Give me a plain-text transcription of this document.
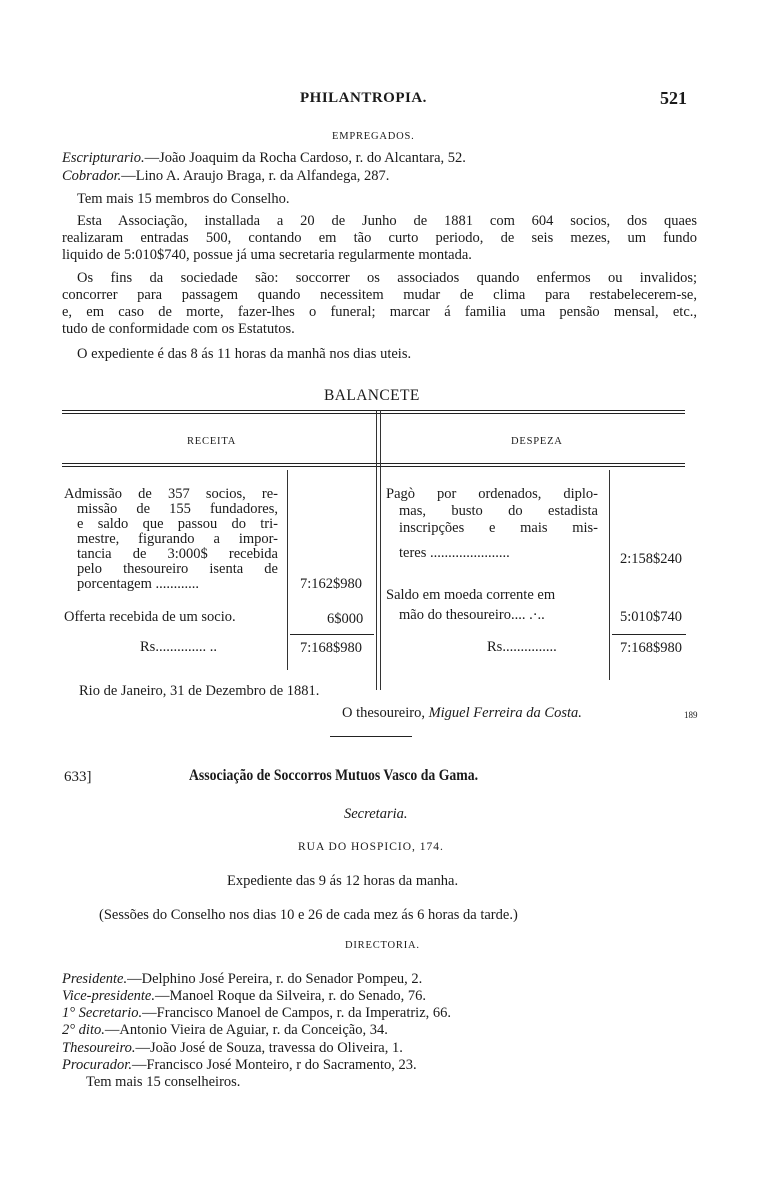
PHILANTROPIA.	521
EMPREGADOS.
Escripturario.—João Joaquim da Rocha Cardoso, r. do Alcantara, 52.
Cobrador.—Lino A. Araujo Braga, r. da Alfandega, 287.
Tem mais 15 membros do Conselho.
Esta Associação, installada a 20 de Junho de 1881 com 604 socios, dos quaes
realizaram entradas 500, contando em tão curto periodo, de seis mezes, um fundo
liquido de 5:010$740, possue já uma secretaria regularmente montada.
Os fins da sociedade são: soccorrer os associados quando enfermos ou invalidos;
concorrer para passagem quando necessitem mudar de clima para restabelecerem-se,
e, em caso de morte, fazer-lhes o funeral; marcar á familia uma pensão mensal, etc.,
tudo de conformidade com os Estatutos.
O expediente é das 8 ás 11 horas da manhã nos dias uteis.
BALANCETE
RECEITA	DESPEZA
Admissão de 357 socios, re-
missão de 155 fundadores,
e saldo que passou do tri-
mestre, figurando a impor-
tancia de 3:000$ recebida
pelo thesoureiro isenta de
porcentagem ............	7:162$980
Offerta recebida de um socio.	6$000
Rs.............. ..	7:168$980
Pagò por ordenados, diplo-
mas, busto do estadista
inscripções e mais mis-
teres ......................	2:158$240
Saldo em moeda corrente em
mão do thesoureiro.... .·..	5:010$740
Rs...............	7:168$980
Rio de Janeiro, 31 de Dezembro de 1881.
O thesoureiro, Miguel Ferreira da Costa.	189
633]	Associação de Soccorros Mutuos Vasco da Gama.
Secretaria.
RUA DO HOSPICIO, 174.
Expediente das 9 ás 12 horas da manha.
(Sessões do Conselho nos dias 10 e 26 de cada mez ás 6 horas da tarde.)
DIRECTORIA.
Presidente.—Delphino José Pereira, r. do Senador Pompeu, 2.
Vice-presidente.—Manoel Roque da Silveira, r. do Senado, 76.
1° Secretario.—Francisco Manoel de Campos, r. da Imperatriz, 66.
2° dito.—Antonio Vieira de Aguiar, r. da Conceição, 34.
Thesoureiro.—João José de Souza, travessa do Oliveira, 1.
Procurador.—Francisco José Monteiro, r do Sacramento, 23.
Tem mais 15 conselheiros.
